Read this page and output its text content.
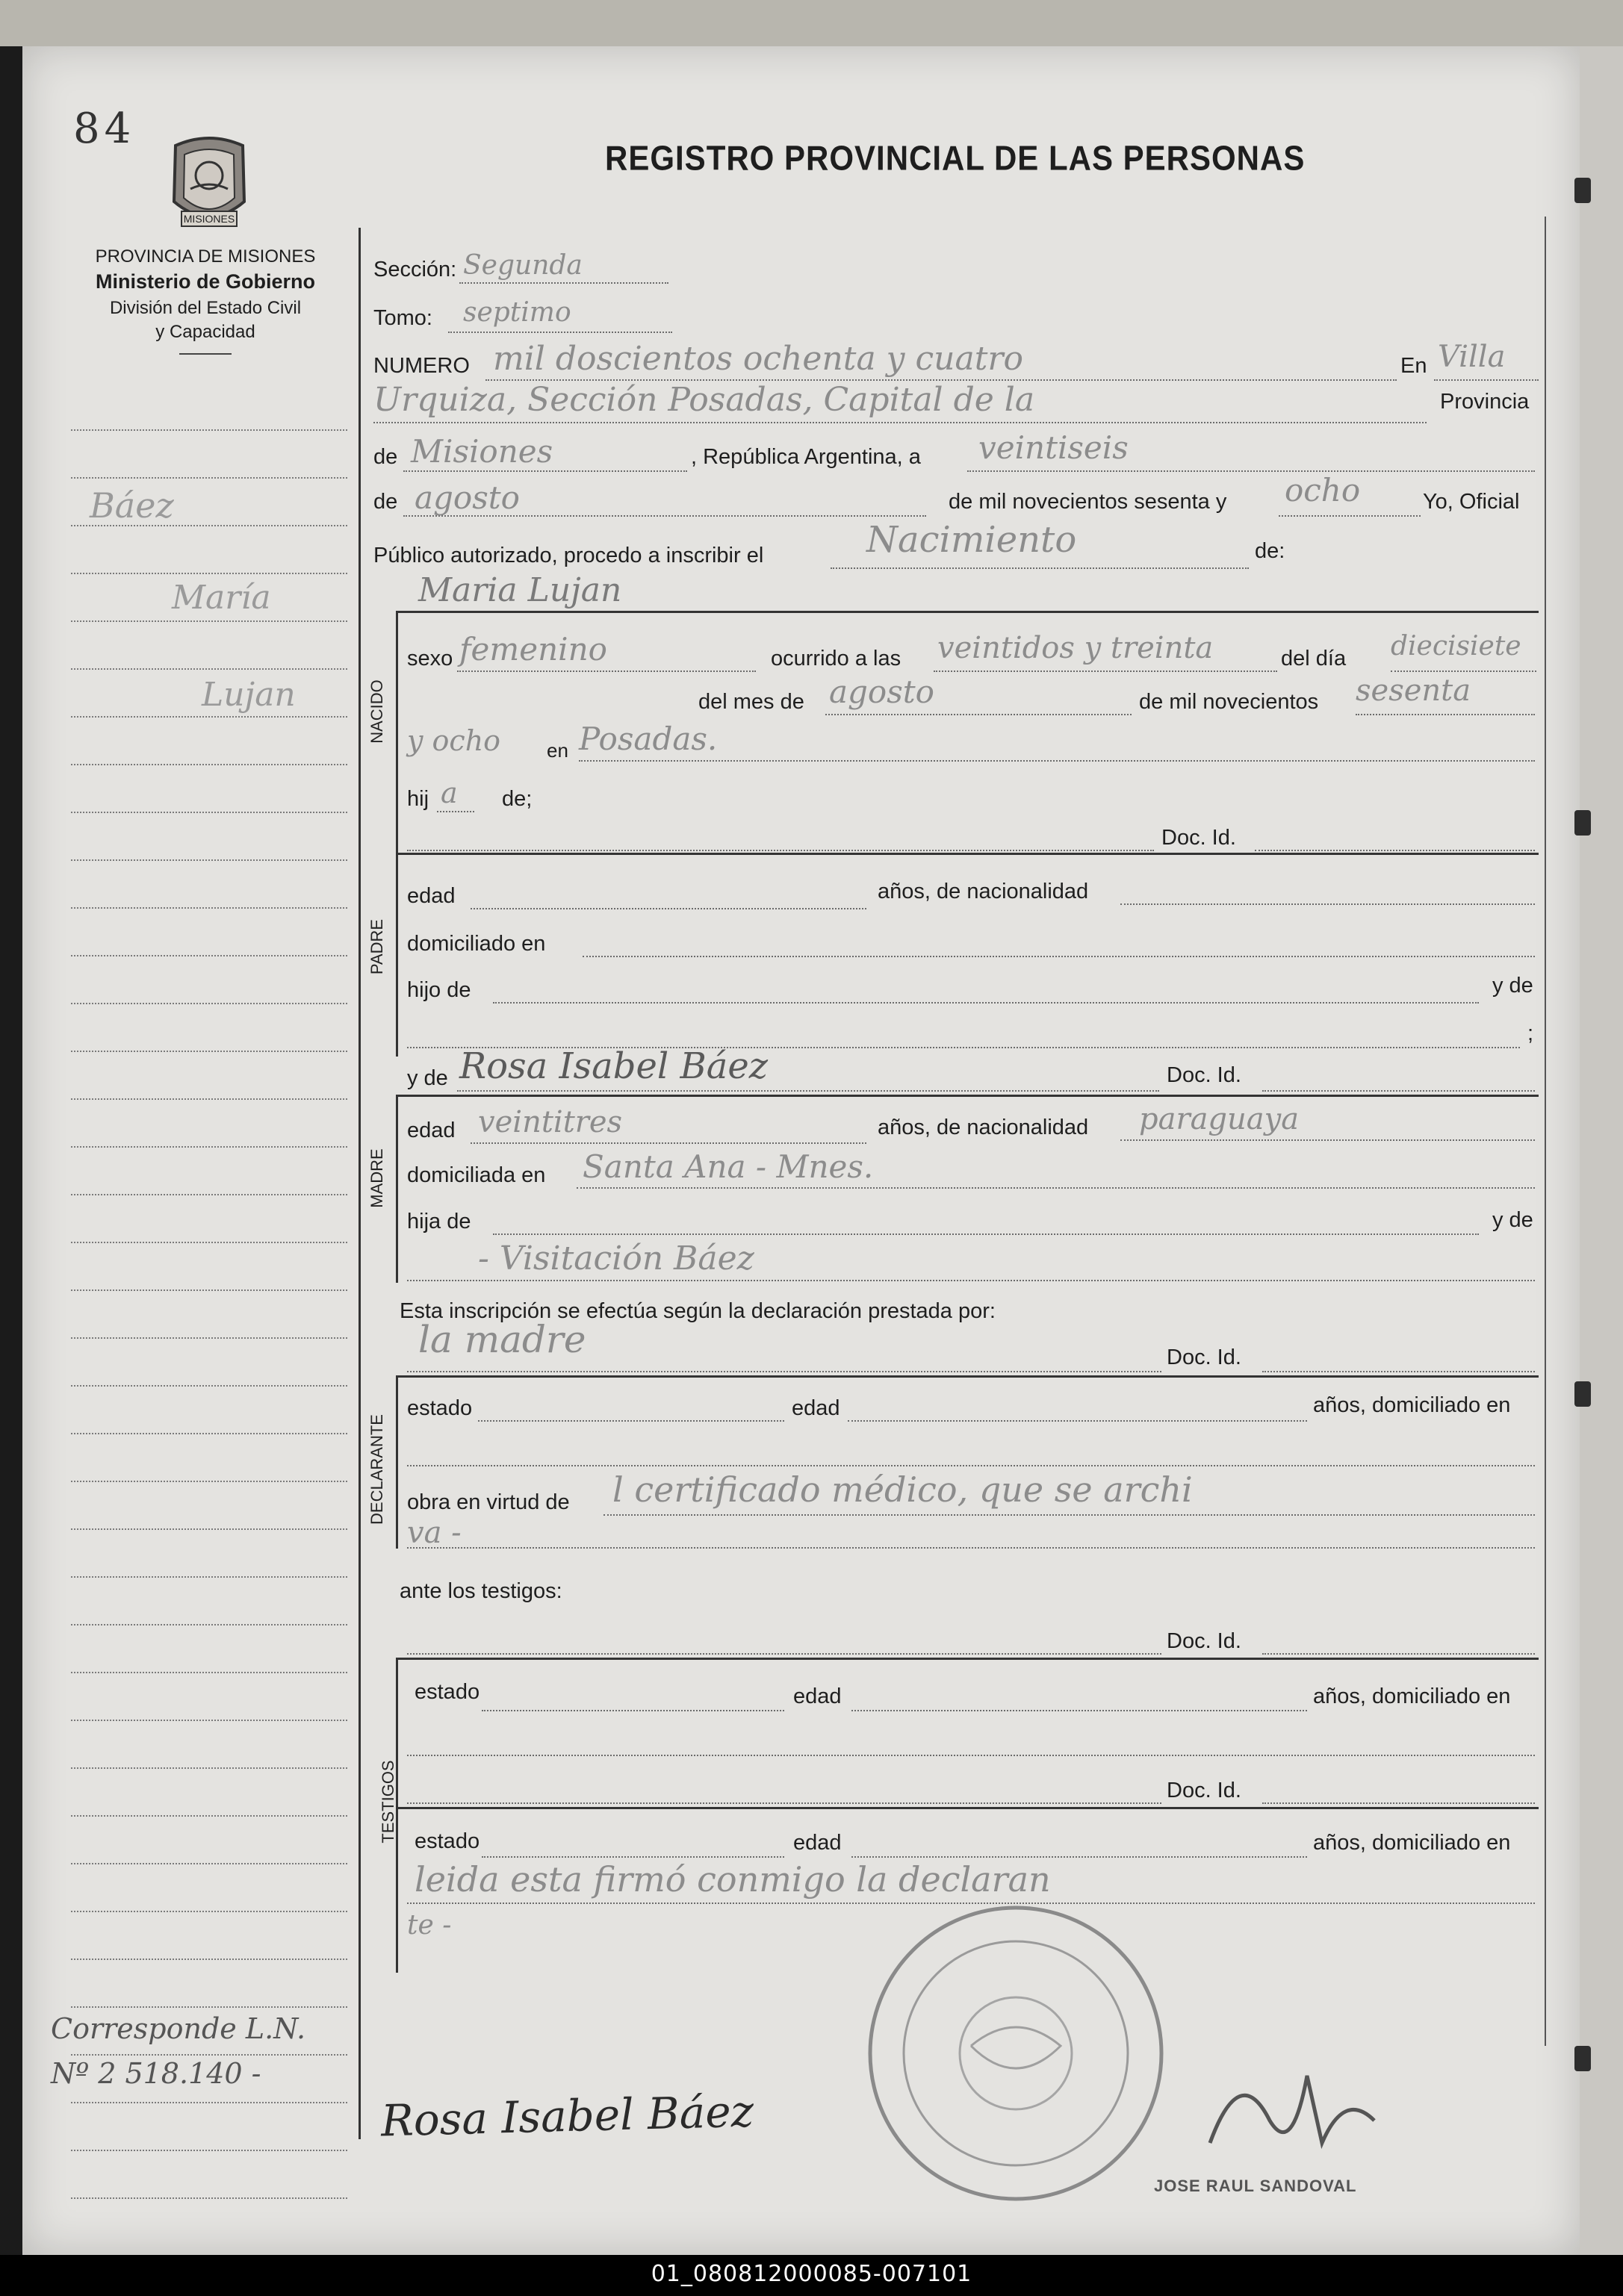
84
MISIONES
PROVINCIA DE MISIONES
Ministerio de Gobierno
División del Estado Civil
y Capacidad
REGISTRO PROVINCIAL DE LAS PERSONAS
Sección: Segunda
Tomo: septimo
NUMERO mil doscientos ochenta y cuatro	En Villa
Urquiza, Sección Posadas, Capital de la	Provincia
de Misiones	, República Argentina, a veintiseis
de agosto	de mil novecientos sesenta y ocho	Yo, Oficial
Público autorizado, procedo a inscribir el	Nacimiento	de:
Maria Lujan
NACIDO
sexo femenino	ocurrido a las veintidos y treinta	del día diecisiete
del mes de agosto	de mil novecientos sesenta
y ocho en Posadas.
hij a de;
Doc. Id.
PADRE
edad	años, de nacionalidad
domiciliado en
hijo de	y de
;
y de Rosa Isabel Báez	Doc. Id.
MADRE
edad veintitres	años, de nacionalidad paraguaya
domiciliada en Santa Ana - Mnes.
hija de	y de
- Visitación Báez
Esta inscripción se efectúa según la declaración prestada por:
la madre	Doc. Id.
DECLARANTE
estado	edad	años, domiciliado en
obra en virtud de l certificado médico, que se archi
va -
ante los testigos:
Doc. Id.
TESTIGOS
estado	edad	años, domiciliado en
Doc. Id.
estado	edad	años, domiciliado en
leida esta firmó conmigo la declaran
te -
JOSE RAUL SANDOVAL
Báez
María
Lujan
Corresponde L.N.
Nº 2 518.140 -
Rosa Isabel Báez
01_080812000085-007101
